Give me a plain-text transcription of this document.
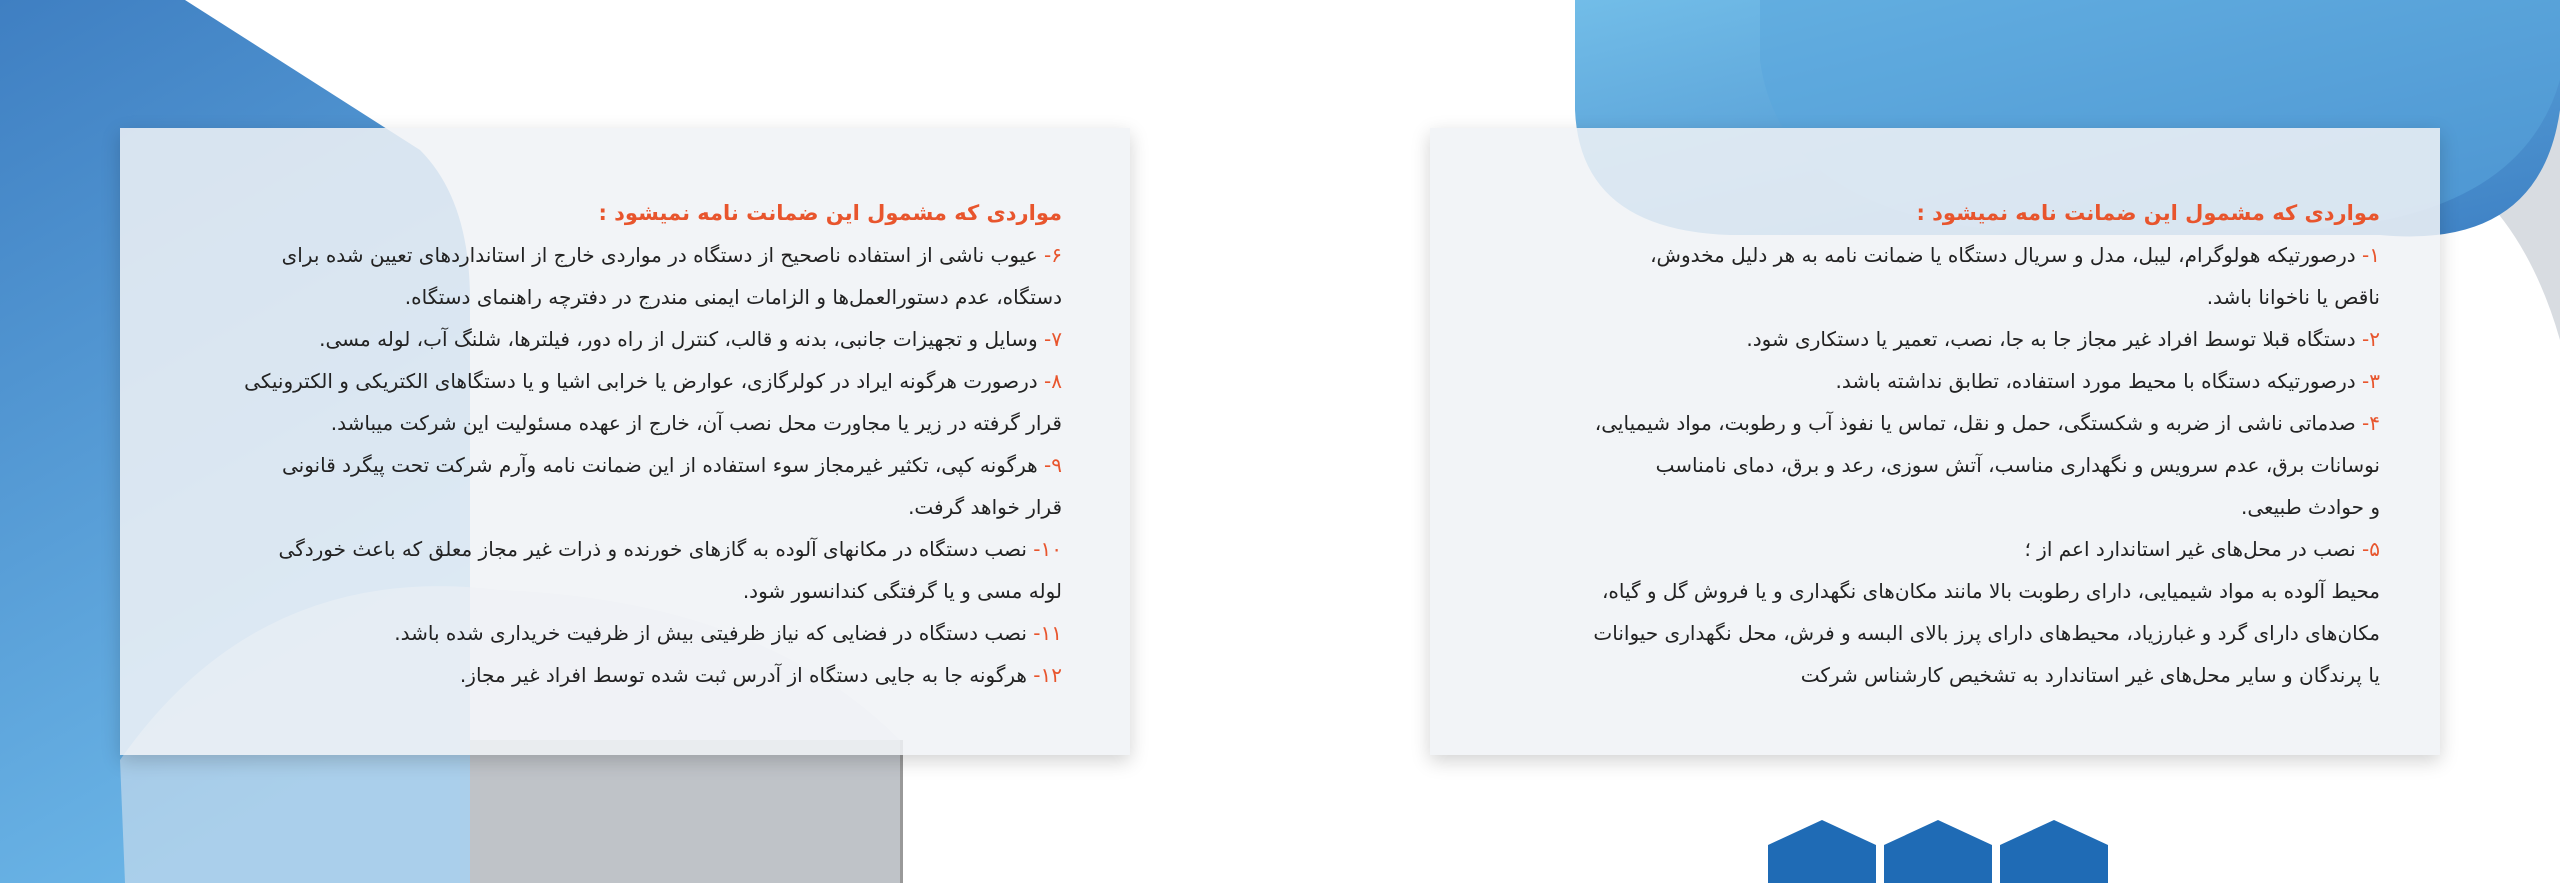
مواردی که مشمول این ضمانت نامه نمیشود :
۶- عیوب ناشی از استفاده ناصحیح از دستگاه در مواردی خارج از استانداردهای تعیین شده برای
دستگاه، عدم دستورالعمل‌ها و الزامات ایمنی مندرج در دفترچه راهنمای دستگاه.
۷- وسایل و تجهیزات جانبی، بدنه و قالب، کنترل از راه دور، فیلترها، شلنگ آب، لوله مسی.
۸- درصورت هرگونه ایراد در کولرگازی، عوارض یا خرابی اشیا و یا دستگاهای الکتریکی و الکترونیکی
قرار گرفته در زیر یا مجاورت محل نصب آن، خارج از عهده مسئولیت این شرکت میباشد.
۹- هرگونه کپی، تکثیر غیرمجاز سوء استفاده از این ضمانت نامه وآرم شرکت تحت پیگرد قانونی
قرار خواهد گرفت.
۱۰- نصب دستگاه در مکانهای آلوده به گازهای خورنده و ذرات غیر مجاز معلق که باعث خوردگی
لوله مسی و یا گرفتگی کندانسور شود.
۱۱- نصب دستگاه در فضایی که نیاز ظرفیتی بیش از ظرفیت خریداری شده باشد.
۱۲- هرگونه جا به جایی دستگاه از آدرس ثبت شده توسط افراد غیر مجاز.
مواردی که مشمول این ضمانت نامه نمیشود :
۱- درصورتیکه هولوگرام، لیبل، مدل و سریال دستگاه یا ضمانت نامه به هر دلیل مخدوش،
ناقص یا ناخوانا باشد.
۲- دستگاه قبلا توسط افراد غیر مجاز جا به جا، نصب، تعمیر یا دستکاری شود.
۳- درصورتیکه دستگاه با محیط مورد استفاده، تطابق نداشته باشد.
۴- صدماتی ناشی از ضربه و شکستگی، حمل و نقل، تماس یا نفوذ آب و رطوبت، مواد شیمیایی،
نوسانات برق، عدم سرویس و نگهداری مناسب، آتش سوزی، رعد و برق، دمای نامناسب
و حوادث طبیعی.
۵- نصب در محل‌های غیر استاندارد اعم از ؛
محیط آلوده به مواد شیمیایی، دارای رطوبت بالا مانند مکان‌های نگهداری و یا فروش گل و گیاه،
مکان‌های دارای گرد و غبارزیاد، محیط‌های دارای پرز بالای البسه و فرش، محل نگهداری حیوانات
یا پرندگان و سایر محل‌های غیر استاندارد به تشخیص کارشناس شرکت
